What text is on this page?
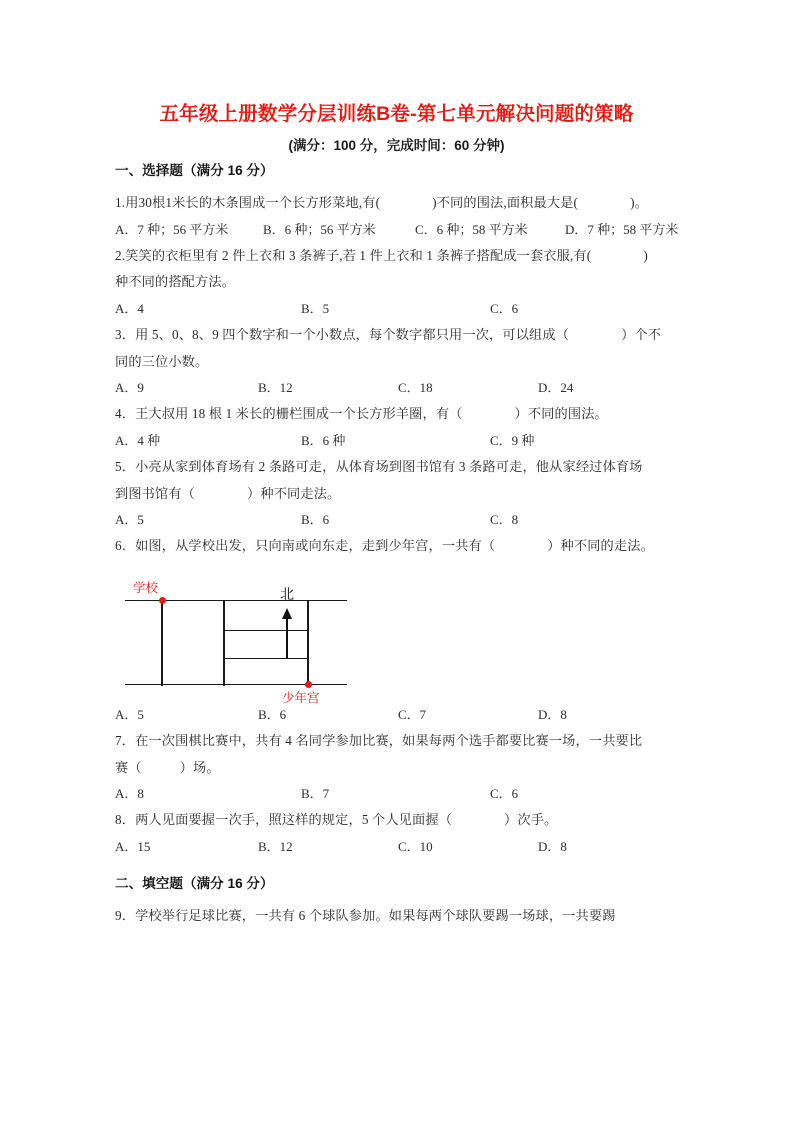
五年级上册数学分层训练B卷-第七单元解决问题的策略
(满分：100 分，完成时间：60 分钟)
一、选择题（满分 16 分）

1.用30根1米长的木条围成一个长方形菜地,有(	)不同的围法,面积最大是(	)。

A．7 种；56 平方米	B．6 种；56 平方米	C．6 种；58 平方米	D．7 种；58 平方米

2.笑笑的衣柜里有 2 件上衣和 3 条裤子,若 1 件上衣和 1 条裤子搭配成一套衣服,有(	)
种不同的搭配方法。

A．4	B．5	C．6

3．用 5、0、8、9 四个数字和一个小数点，每个数字都只用一次，可以组成（	）个不
同的三位小数。

A．9	B．12	C．18	D．24

4．王大叔用 18 根 1 米长的栅栏围成一个长方形羊圈，有（	）不同的围法。

A．4 种	B．6 种	C．9 种

5．小亮从家到体育场有 2 条路可走，从体育场到图书馆有 3 条路可走，他从家经过体育场
到图书馆有（	）种不同走法。

A．5	B．6	C．8

6．如图，从学校出发，只向南或向东走，走到少年宫，一共有（	）种不同的走法。

学校
少年宫
北
A．5	B．6	C．7	D．8

7．在一次围棋比赛中，共有 4 名同学参加比赛，如果每两个选手都要比赛一场，一共要比
赛（	）场。

A．8	B．7	C．6

8．两人见面要握一次手，照这样的规定，5 个人见面握（	）次手。

A．15	B．12	C．10	D．8
二、填空题（满分 16 分）

9．学校举行足球比赛，一共有 6 个球队参加。如果每两个球队要踢一场球，一共要踢
